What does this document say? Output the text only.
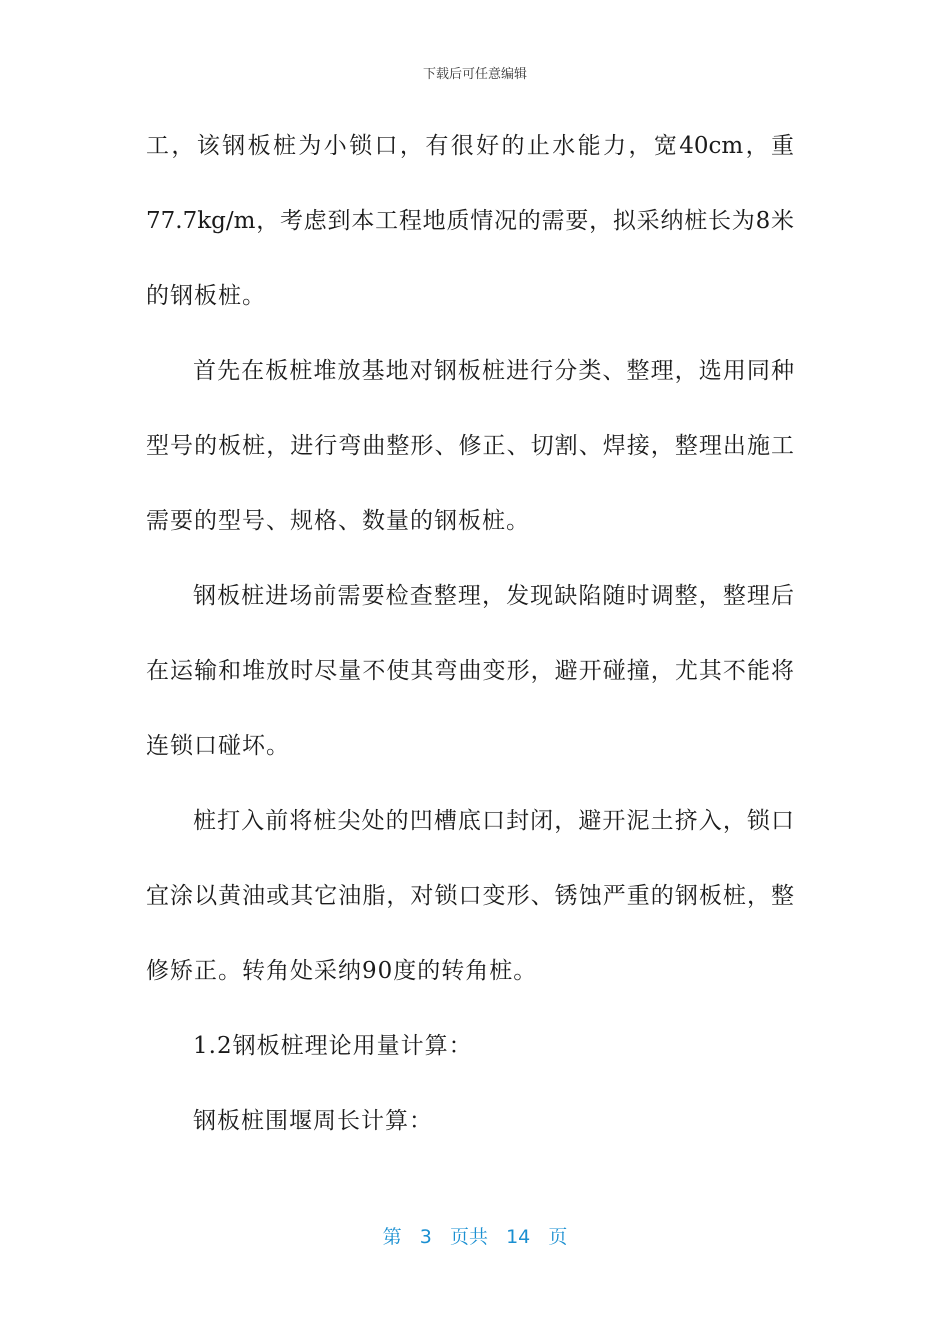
下载后可任意编辑
工，该钢板桩为小锁口，有很好的止水能力，宽40cm，重
77.7kg/m，考虑到本工程地质情况的需要，拟采纳桩长为8米
的钢板桩。
首先在板桩堆放基地对钢板桩进行分类、整理，选用同种
型号的板桩，进行弯曲整形、修正、切割、焊接，整理出施工
需要的型号、规格、数量的钢板桩。
钢板桩进场前需要检查整理，发现缺陷随时调整，整理后
在运输和堆放时尽量不使其弯曲变形，避开碰撞，尤其不能将
连锁口碰坏。
桩打入前将桩尖处的凹槽底口封闭，避开泥土挤入，锁口
宜涂以黄油或其它油脂，对锁口变形、锈蚀严重的钢板桩，整
修矫正。转角处采纳90度的转角桩。
1.2钢板桩理论用量计算：
钢板桩围堰周长计算：
第 3 页共 14 页
